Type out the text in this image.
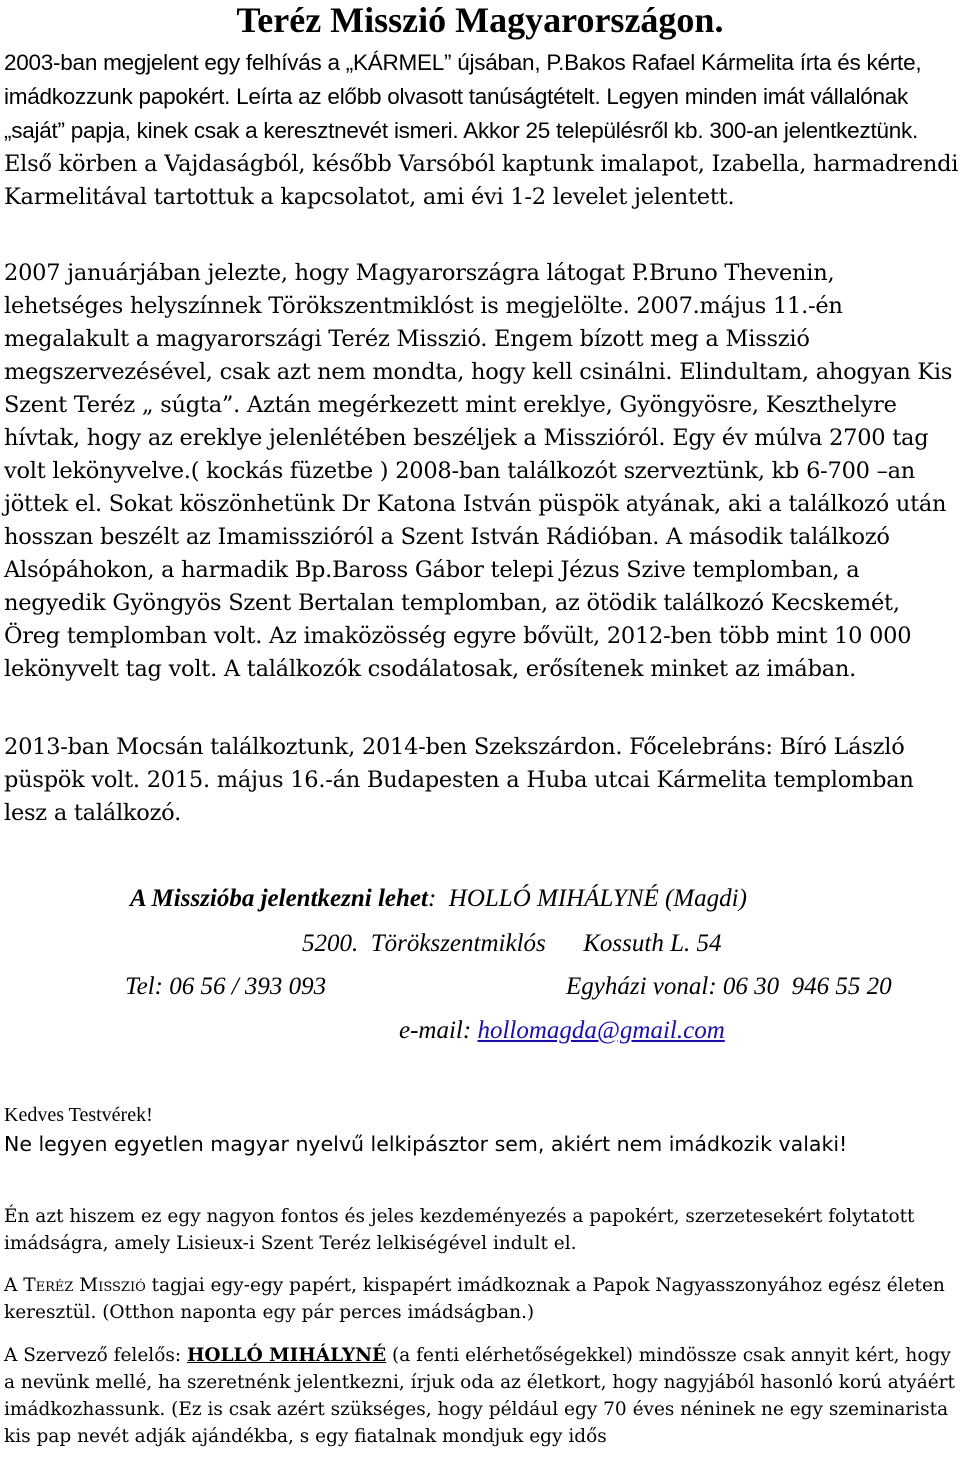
Teréz Misszió Magyarországon.

2003-ban megjelent egy felhívás a „KÁRMEL” újsában, P.Bakos Rafael Kármelita írta és kérte, imádkozzunk papokért. Leírta az előbb olvasott tanúságtételt. Legyen minden imát vállalónak „saját” papja, kinek csak a keresztnevét ismeri. Akkor 25 településről kb. 300-an jelentkeztünk. Első körben a Vajdaságból, később Varsóból kaptunk imalapot, Izabella, harmadrendi Karmelitával tartottuk a kapcsolatot, ami évi 1-2 levelet jelentett.

2007 januárjában jelezte, hogy Magyarországra látogat P.Bruno Thevenin, lehetséges helyszínnek Törökszentmiklóst is megjelölte. 2007.május 11.-én megalakult a magyarországi Teréz Misszió. Engem bízott meg a Misszió megszervezésével, csak azt nem mondta, hogy kell csinálni. Elindultam, ahogyan Kis Szent Teréz „ súgta”. Aztán megérkezett mint ereklye, Gyöngyösre, Keszthelyre hívtak, hogy az ereklye jelenlétében beszéljek a Misszióról. Egy év múlva 2700 tag volt lekönyvelve.( kockás füzetbe ) 2008-ban találkozót szerveztünk, kb 6-700 –an jöttek el. Sokat köszönhetünk Dr Katona István püspök atyának, aki a találkozó után hosszan beszélt az Imamisszióról a Szent István Rádióban. A második találkozó Alsópáhokon, a harmadik Bp.Baross Gábor telepi Jézus Szive templomban, a negyedik Gyöngyös Szent Bertalan templomban, az ötödik találkozó Kecskemét, Öreg templomban volt. Az imaközösség egyre bővült, 2012-ben több mint 10 000 lekönyvelt tag volt. A találkozók csodálatosak, erősítenek minket az imában.

2013-ban Mocsán találkoztunk, 2014-ben Szekszárdon. Főcelebráns: Bíró László püspök volt. 2015. május 16.-án Budapesten a Huba utcai Kármelita templomban lesz a találkozó.

A Misszióba jelentkezni lehet: HOLLÓ MIHÁLYNÉ (Magdi)

5200.  Törökszentmiklós      Kossuth L. 54

Tel: 06 56 / 393 093	Egyházi vonal: 06 30  946 55 20

e-mail: hollomagda@gmail.com

Kedves Testvérek!

Ne legyen egyetlen magyar nyelvű lelkipásztor sem, akiért nem imádkozik valaki!

Én azt hiszem ez egy nagyon fontos és jeles kezdeményezés a papokért, szerzetesekért folytatott imádságra, amely Lisieux-i Szent Teréz lelkiségével indult el.

A Teréz Misszió tagjai egy-egy papért, kispapért imádkoznak a Papok Nagyasszonyához egész életen keresztül. (Otthon naponta egy pár perces imádságban.)

A Szervező felelős: HOLLÓ MIHÁLYNÉ (a fenti elérhetőségekkel) mindössze csak annyit kért, hogy a nevünk mellé, ha szeretnénk jelentkezni, írjuk oda az életkort, hogy nagyjából hasonló korú atyáért imádkozhassunk. (Ez is csak azért szükséges, hogy például egy 70 éves néninek ne egy szeminarista kis pap nevét adják ajándékba, s egy fiatalnak mondjuk egy idős
